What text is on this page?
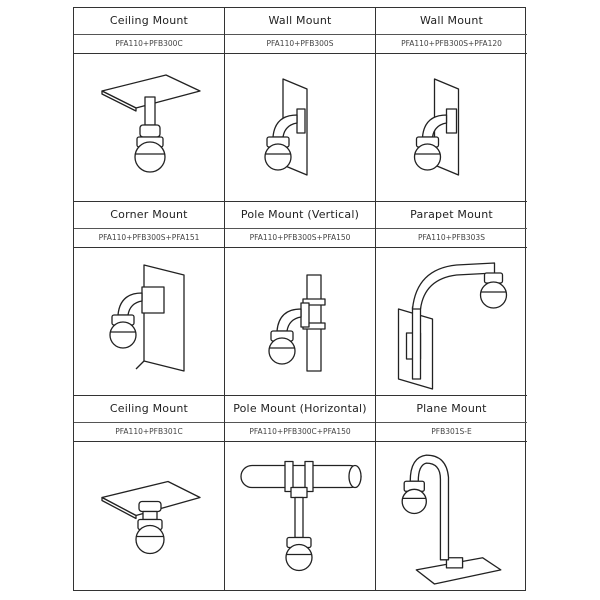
Ceiling Mount
PFA110+PFB300C
Wall Mount
PFA110+PFB300S
Wall Mount
PFA110+PFB300S+PFA120
Corner Mount
PFA110+PFB300S+PFA151
Pole Mount (Vertical)
PFA110+PFB300S+PFA150
Parapet Mount
PFA110+PFB303S
Ceiling Mount
PFA110+PFB301C
Pole Mount (Horizontal)
PFA110+PFB300C+PFA150
Plane Mount
PFB301S-E
